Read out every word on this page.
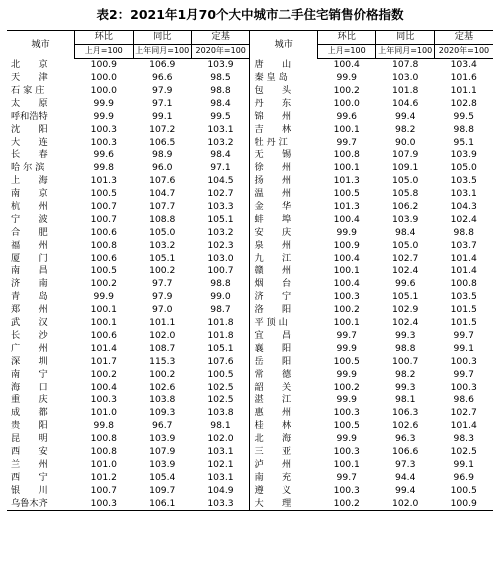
表2：2021年1月70个大中城市二手住宅销售价格指数
城市	环比	同比	定基	城市	环比	同比	定基
	上月=100	上年同月=100	2020年=100		上月=100	上年同月=100	2020年=100
北　　京	100.9	106.9	103.9	唐　　山	100.4	107.8	103.4
天　　津	100.0	96.6	98.5	秦 皇 岛	99.9	103.0	101.6
石 家 庄	100.0	97.9	98.8	包　　头	100.2	101.8	101.1
太　　原	99.9	97.1	98.4	丹　　东	100.0	104.6	102.8
呼和浩特	99.9	99.1	99.5	锦　　州	99.6	99.4	99.5
沈　　阳	100.3	107.2	103.1	吉　　林	100.1	98.2	98.8
大　　连	100.3	106.5	103.2	牡 丹 江	99.7	90.0	95.1
长　　春	99.6	98.9	98.4	无　　锡	100.8	107.9	103.9
哈 尔 滨	99.8	96.0	97.1	徐　　州	100.1	109.1	105.0
上　　海	101.3	107.6	104.5	扬　　州	101.3	105.0	103.5
南　　京	100.5	104.7	102.7	温　　州	100.5	105.8	103.1
杭　　州	100.7	107.7	103.3	金　　华	101.3	106.2	104.3
宁　　波	100.7	108.8	105.1	蚌　　埠	100.4	103.9	102.4
合　　肥	100.6	105.0	103.2	安　　庆	99.9	98.4	98.8
福　　州	100.8	103.2	102.3	泉　　州	100.9	105.0	103.7
厦　　门	100.6	105.1	103.0	九　　江	100.4	102.7	101.4
南　　昌	100.5	100.2	100.7	赣　　州	100.1	102.4	101.4
济　　南	100.2	97.7	98.8	烟　　台	100.4	99.6	100.8
青　　岛	99.9	97.9	99.0	济　　宁	100.3	105.1	103.5
郑　　州	100.1	97.0	98.7	洛　　阳	100.2	102.9	101.5
武　　汉	100.1	101.1	101.8	平 顶 山	100.1	102.4	101.5
长　　沙	100.6	102.0	101.8	宜　　昌	99.7	99.3	99.7
广　　州	101.4	108.7	105.1	襄　　阳	99.9	98.8	99.1
深　　圳	101.7	115.3	107.6	岳　　阳	100.5	100.7	100.3
南　　宁	100.2	100.2	100.5	常　　德	99.9	98.2	99.7
海　　口	100.4	102.6	102.5	韶　　关	100.2	99.3	100.3
重　　庆	100.3	103.8	102.5	湛　　江	99.9	98.1	98.6
成　　都	101.0	109.3	103.8	惠　　州	100.3	106.3	102.7
贵　　阳	99.8	96.7	98.1	桂　　林	100.5	102.6	101.4
昆　　明	100.8	103.9	102.0	北　　海	99.9	96.3	98.3
西　　安	100.8	107.9	103.1	三　　亚	100.3	106.6	102.5
兰　　州	101.0	103.9	102.1	泸　　州	100.1	97.3	99.1
西　　宁	101.2	105.4	103.1	南　　充	99.7	94.4	96.9
银　　川	100.7	109.7	104.9	遵　　义	100.3	99.4	100.5
乌鲁木齐	100.3	106.1	103.3	大　　理	100.2	102.0	100.9
